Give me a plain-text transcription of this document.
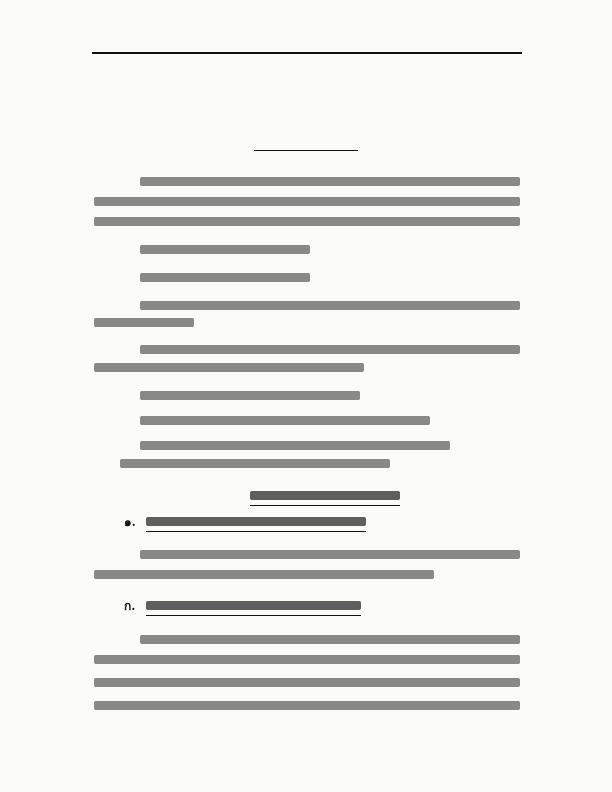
๑.
ก.
